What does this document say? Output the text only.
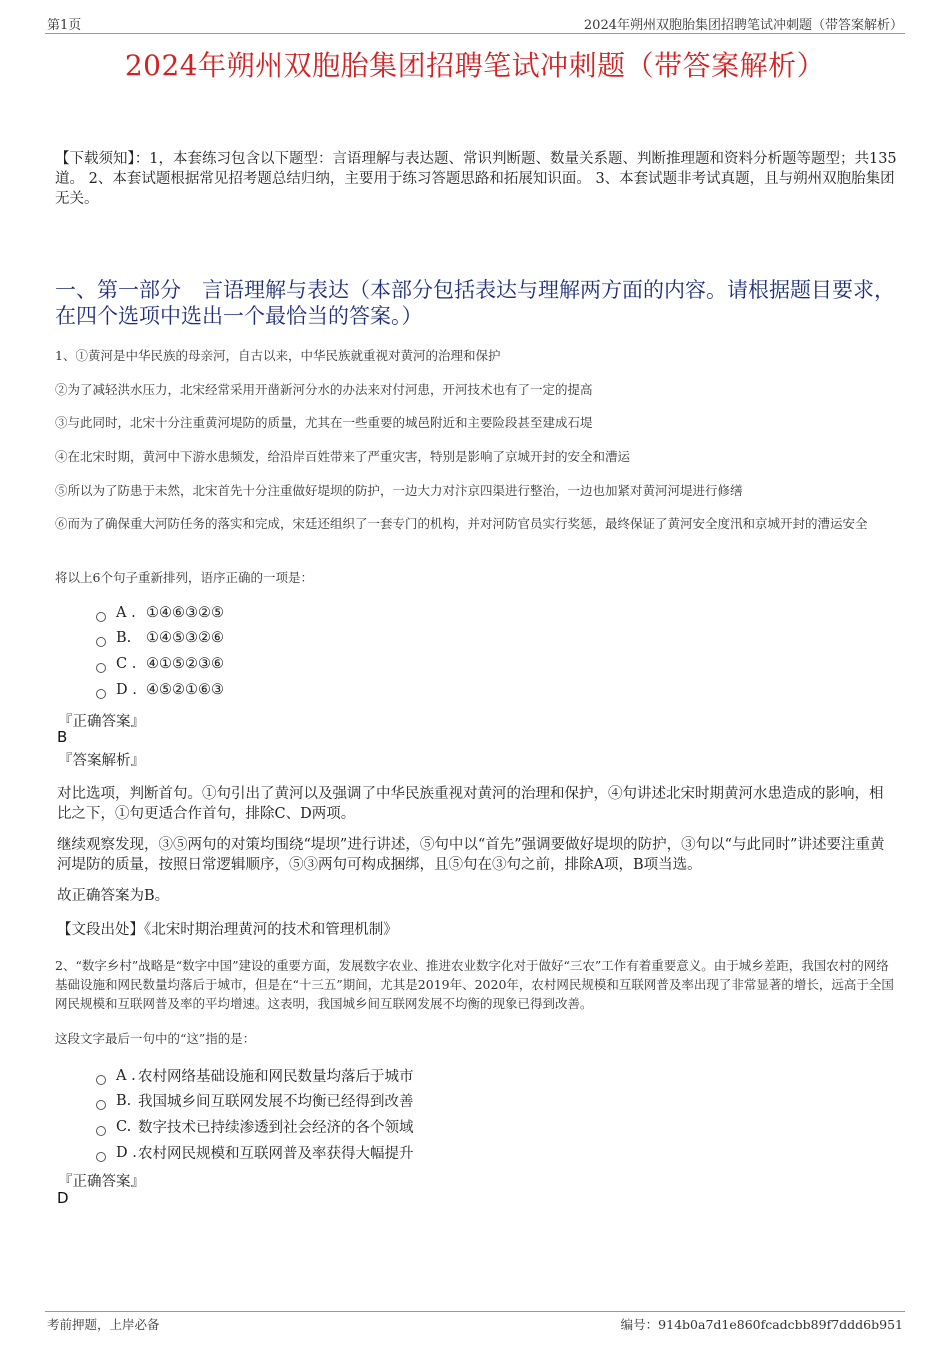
第1页	2024年朔州双胞胎集团招聘笔试冲刺题（带答案解析）
2024年朔州双胞胎集团招聘笔试冲刺题（带答案解析）
【下载须知】：1，本套练习包含以下题型：言语理解与表达题、常识判断题、数量关系题、判断推理题和资料分析题等题型；共135道。 2、本套试题根据常见招考题总结归纳，主要用于练习答题思路和拓展知识面。 3、本套试题非考试真题，且与朔州双胞胎集团无关。
一、第一部分　言语理解与表达（本部分包括表达与理解两方面的内容。请根据题目要求，在四个选项中选出一个最恰当的答案。）
1、①黄河是中华民族的母亲河，自古以来，中华民族就重视对黄河的治理和保护
②为了减轻洪水压力，北宋经常采用开凿新河分水的办法来对付河患，开河技术也有了一定的提高
③与此同时，北宋十分注重黄河堤防的质量，尤其在一些重要的城邑附近和主要险段甚至建成石堤
④在北宋时期，黄河中下游水患频发，给沿岸百姓带来了严重灾害，特别是影响了京城开封的安全和漕运
⑤所以为了防患于未然，北宋首先十分注重做好堤坝的防护，一边大力对汴京四渠进行整治，一边也加紧对黄河河堤进行修缮
⑥而为了确保重大河防任务的落实和完成，宋廷还组织了一套专门的机构，并对河防官员实行奖惩，最终保证了黄河安全度汛和京城开封的漕运安全
将以上6个句子重新排列，语序正确的一项是：
A . ①④⑥③②⑤
B.	①④⑤③②⑥
C . ④①⑤②③⑥
D . ④⑤②①⑥③
『正确答案』
B
『答案解析』
对比选项，判断首句。①句引出了黄河以及强调了中华民族重视对黄河的治理和保护，④句讲述北宋时期黄河水患造成的影响，相比之下，①句更适合作首句，排除C、D两项。
继续观察发现，③⑤两句的对策均围绕“堤坝”进行讲述，⑤句中以“首先”强调要做好堤坝的防护，③句以“与此同时”讲述要注重黄河堤防的质量，按照日常逻辑顺序，⑤③两句可构成捆绑，且⑤句在③句之前，排除A项，B项当选。
故正确答案为B。
【文段出处】《北宋时期治理黄河的技术和管理机制》
2、“数字乡村”战略是“数字中国”建设的重要方面，发展数字农业、推进农业数字化对于做好“三农”工作有着重要意义。由于城乡差距，我国农村的网络基础设施和网民数量均落后于城市，但是在“十三五”期间，尤其是2019年、2020年，农村网民规模和互联网普及率出现了非常显著的增长，远高于全国网民规模和互联网普及率的平均增速。这表明，我国城乡间互联网发展不均衡的现象已得到改善。
这段文字最后一句中的“这”指的是：
A . 农村网络基础设施和网民数量均落后于城市
B. 我国城乡间互联网发展不均衡已经得到改善
C. 数字技术已持续渗透到社会经济的各个领域
D . 农村网民规模和互联网普及率获得大幅提升
『正确答案』
D
考前押题，上岸必备	编号：914b0a7d1e860fcadcbb89f7ddd6b951
